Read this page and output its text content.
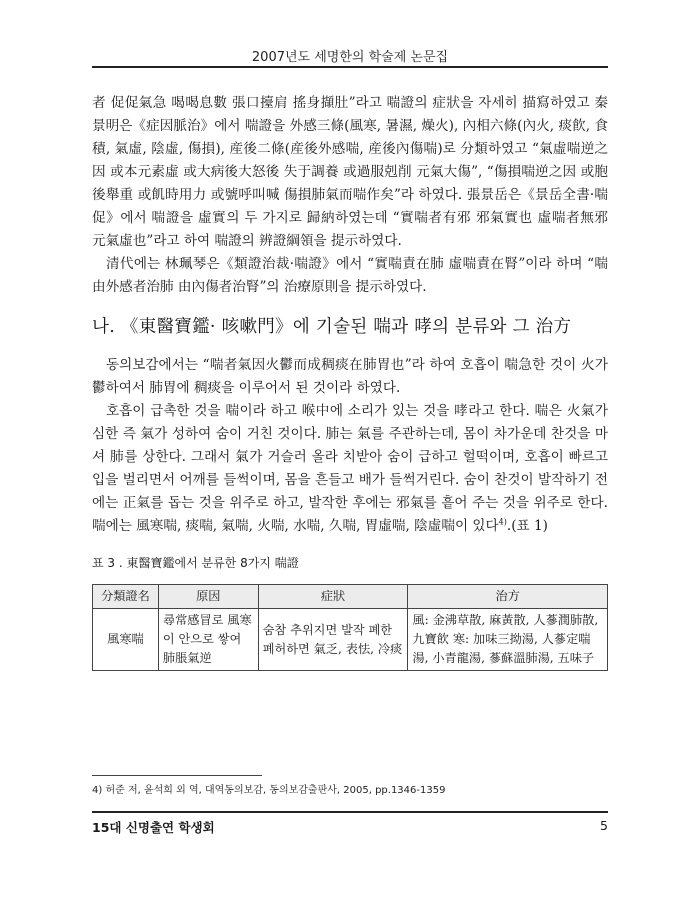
2007년도 세명한의 학술제 논문집

者 促促氣急 喝喝息數 張口擡肩 搖身擷肚”라고 喘證의 症狀을 자세히 描寫하였고 秦景明은《症因脈治》에서 喘證을 外感三條(風寒, 暑濕, 燥火), 內相六條(內火, 痰飮, 食積, 氣虛, 陰虛, 傷損), 産後二條(産後外感喘, 産後內傷喘)로 分類하였고 “氣虛喘逆之因 或本元素虛 或大病後大怒後 失于調養 或過服剋削 元氣大傷”, “傷損喘逆之因 或胞後舉重 或飢時用力 或號呼叫喊 傷損肺氣而喘作矣”라 하였다. 張景岳은《景岳全書·喘促》에서 喘證을 虛實의 두 가지로 歸納하였는데 “實喘者有邪 邪氣實也 虛喘者無邪 元氣虛也”라고 하여 喘證의 辨證綱領을 提示하였다.

清代에는 林珮琴은《類證治裁·喘證》에서 “實喘責在肺 虛喘責在腎”이라 하며 “喘由外感者治肺 由內傷者治腎”의 治療原則을 提示하였다.

나. 《東醫寶鑑· 咳嗽門》에 기술된 喘과 哮의 분류와 그 治方

동의보감에서는 “喘者氣因火鬱而成稠痰在肺胃也”라 하여 호흡이 喘急한 것이 火가 鬱하여서 肺胃에 稠痰을 이루어서 된 것이라 하였다.

호흡이 급촉한 것을 喘이라 하고 喉中에 소리가 있는 것을 哮라고 한다. 喘은 火氣가 심한 즉 氣가 성하여 숨이 거친 것이다. 肺는 氣를 주관하는데, 몸이 차가운데 찬것을 마셔 肺를 상한다. 그래서 氣가 거슬러 올라 치받아 숨이 급하고 헐떡이며, 호흡이 빠르고 입을 벌리면서 어깨를 들썩이며, 몸을 흔들고 배가 들썩거린다. 숨이 찬것이 발작하기 전에는 正氣를 돕는 것을 위주로 하고, 발작한 후에는 邪氣를 흩어 주는 것을 위주로 한다. 喘에는 風寒喘, 痰喘, 氣喘, 火喘, 水喘, 久喘, 胃虛喘, 陰虛喘이 있다$^{4)}$.(표 1)

표 3 . 東醫寶鑑에서 분류한 8가지 喘證
分類證名	原因	症狀	治方
風寒喘	尋常感冒로 風寒이 안으로 쌓여 肺脹氣逆	숨참 추위지면 발작 폐한폐허하면 氣乏, 表怯, 冷痰	風: 金沸草散, 麻黃散, 人蔘潤肺散, 九寶飮 寒: 加味三拗湯, 人蔘定喘湯, 小青龍湯, 蔘蘇溫肺湯, 五味子
4) 허준 저, 윤석희 외 역, 대역동의보감, 동의보감출판사, 2005, pp.1346-1359
15대 신명출연 학생회	5
